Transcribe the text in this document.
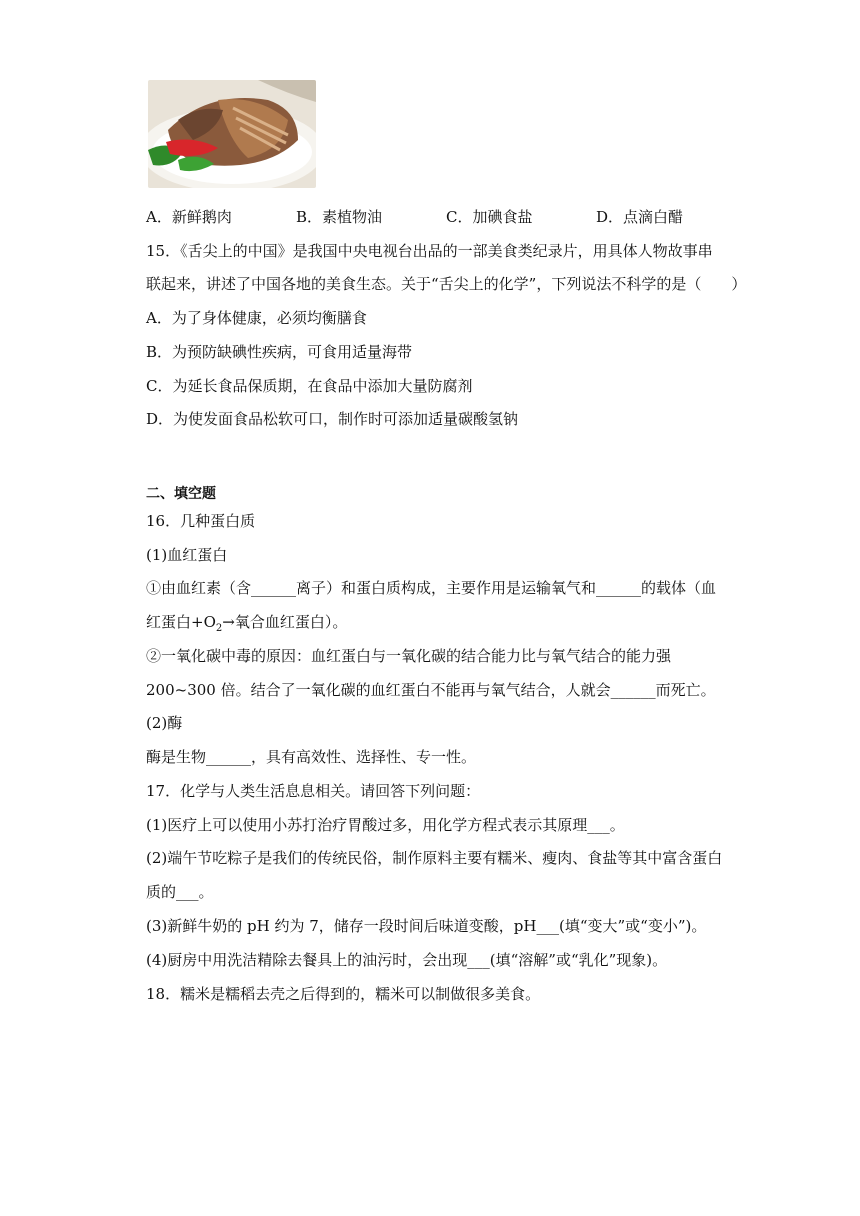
A．新鲜鹅肉	B．素植物油	C．加碘食盐	D．点滴白醋
15．《舌尖上的中国》是我国中央电视台出品的一部美食类纪录片，用具体人物故事串
联起来，讲述了中国各地的美食生态。关于“舌尖上的化学”，下列说法不科学的是（　　）
A．为了身体健康，必须均衡膳食
B．为预防缺碘性疾病，可食用适量海带
C．为延长食品保质期，在食品中添加大量防腐剂
D．为使发面食品松软可口，制作时可添加适量碳酸氢钠
二、填空题
16．几种蛋白质
(1)血红蛋白
①由血红素（含______离子）和蛋白质构成，主要作用是运输氧气和______的载体（血
红蛋白$+O_2\to$氧合血红蛋白）。
②一氧化碳中毒的原因：血红蛋白与一氧化碳的结合能力比与氧气结合的能力强
200~300 倍。结合了一氧化碳的血红蛋白不能再与氧气结合，人就会______而死亡。
(2)酶
酶是生物______，具有高效性、选择性、专一性。
17．化学与人类生活息息相关。请回答下列问题：
(1)医疗上可以使用小苏打治疗胃酸过多，用化学方程式表示其原理___。
(2)端午节吃粽子是我们的传统民俗，制作原料主要有糯米、瘦肉、食盐等其中富含蛋白
质的___。
(3)新鲜牛奶的 pH 约为 7，储存一段时间后味道变酸，pH___(填“变大”或“变小”)。
(4)厨房中用洗洁精除去餐具上的油污时，会出现___(填“溶解”或“乳化”现象)。
18．糯米是糯稻去壳之后得到的，糯米可以制做很多美食。
